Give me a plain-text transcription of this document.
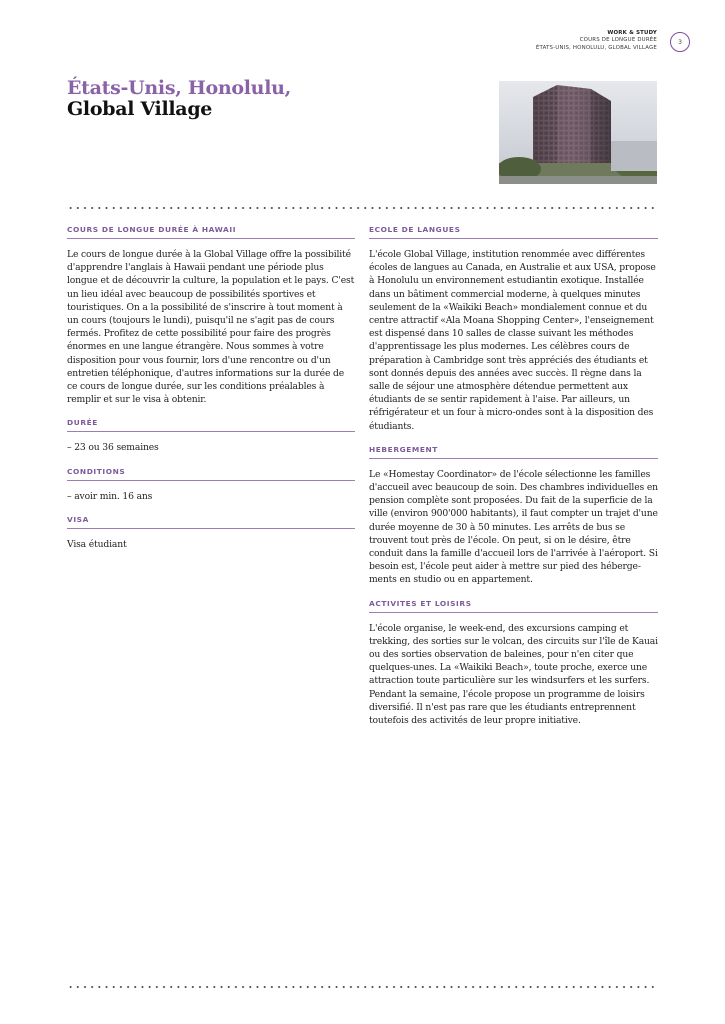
WORK & STUDY
COURS DE LONGUE DURÉE
ÉTATS-UNIS, HONOLULU, GLOBAL VILLAGE
3
États-Unis, Honolulu,
Global Village
COURS DE LONGUE DURÉE À HAWAII
Le cours de longue durée à la Global Village offre la possibilité d'apprendre l'anglais à Hawaii pendant une période plus longue et de découvrir la culture, la population et le pays. C'est un lieu idéal avec beaucoup de possibilités sportives et touristiques. On a la possibilité de s'inscrire à tout moment à un cours (toujours le lundi), puisqu'il ne s'agit pas de cours fermés. Profitez de cette possibilité pour faire des progrès énormes en une langue étrangère. Nous sommes à votre disposition pour vous fournir, lors d'une rencontre ou d'un entretien téléphonique, d'autres informations sur la durée de ce cours de longue durée, sur les conditions préalables à remplir et sur le visa à obtenir.
DURÉE
– 23 ou 36 semaines
CONDITIONS
– avoir min. 16 ans
VISA
Visa étudiant
ECOLE DE LANGUES
L'école Global Village, institution renommée avec différentes écoles de langues au Canada, en Australie et aux USA, propose à Honolulu un environnement estudiantin exotique. Installée dans un bâtiment commercial moderne, à quelques minutes seulement de la «Waikiki Beach» mondialement connue et du centre attractif «Ala Moana Shopping Center», l'enseignement est dispensé dans 10 salles de classe suivant les méthodes d'apprentissage les plus modernes. Les célèbres cours de préparation à Cambridge sont très appréciés des étudiants et sont donnés depuis des années avec succès. Il règne dans la salle de séjour une atmosphère détendue permettent aux étudiants de se sentir rapidement à l'aise. Par ailleurs, un réfrigérateur et un four à micro-ondes sont à la disposition des étudiants.
HEBERGEMENT
Le «Homestay Coordinator» de l'école sélectionne les familles d'accueil avec beaucoup de soin. Des chambres individuelles en pension complète sont proposées. Du fait de la superficie de la ville (environ 900'000 habitants), il faut compter un trajet d'une durée moyenne de 30 à 50 minutes. Les arrêts de bus se trouvent tout près de l'école. On peut, si on le désire, être conduit dans la famille d'accueil lors de l'arrivée à l'aéroport. Si besoin est, l'école peut aider à mettre sur pied des hébergements en studio ou en appartement.
ACTIVITES ET LOISIRS
L'école organise, le week-end, des excursions camping et trekking, des sorties sur le volcan, des circuits sur l'île de Kauai ou des sorties observation de baleines, pour n'en citer que quelques-unes. La «Waikiki Beach», toute proche, exerce une attraction toute particulière sur les windsurfers et les surfers. Pendant la semaine, l'école propose un programme de loisirs diversifié. Il n'est pas rare que les étudiants entreprennent toutefois des activités de leur propre initiative.
